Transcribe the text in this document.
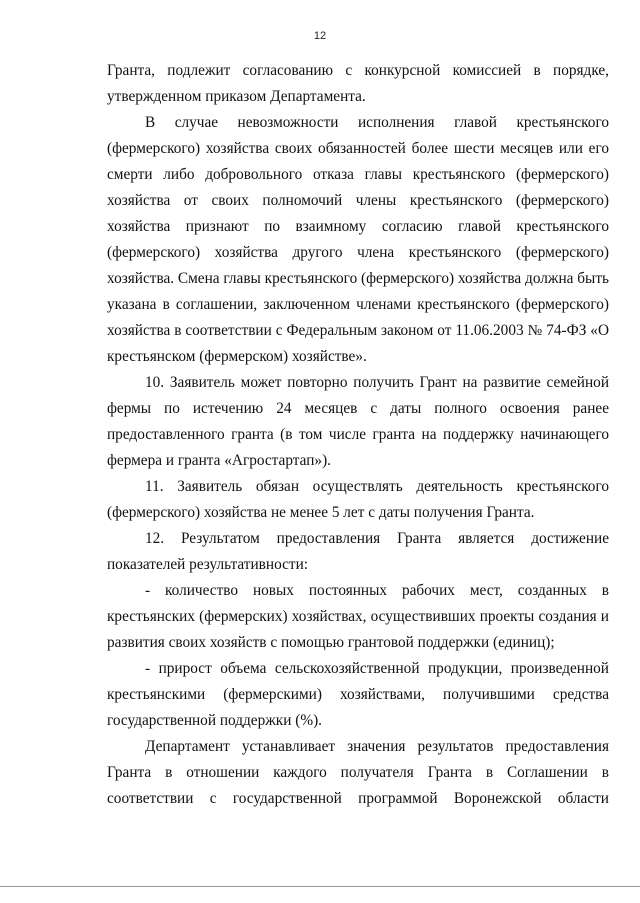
12
Гранта, подлежит согласованию с конкурсной комиссией в порядке,
утвержденном приказом Департамента.
В случае невозможности исполнения главой крестьянского
(фермерского) хозяйства своих обязанностей более шести месяцев или его
смерти либо добровольного отказа главы крестьянского (фермерского)
хозяйства от своих полномочий члены крестьянского (фермерского)
хозяйства признают по взаимному согласию главой крестьянского
(фермерского) хозяйства другого члена крестьянского (фермерского)
хозяйства. Смена главы крестьянского (фермерского) хозяйства должна быть
указана в соглашении, заключенном членами крестьянского (фермерского)
хозяйства в соответствии с Федеральным законом от 11.06.2003 № 74-ФЗ «О
крестьянском (фермерском) хозяйстве».
10. Заявитель может повторно получить Грант на развитие семейной
фермы по истечению 24 месяцев с даты полного освоения ранее
предоставленного гранта (в том числе гранта на поддержку начинающего
фермера и гранта «Агростартап»).
11. Заявитель обязан осуществлять деятельность крестьянского
(фермерского) хозяйства не менее 5 лет с даты получения Гранта.
12. Результатом предоставления Гранта является достижение
показателей результативности:
- количество новых постоянных рабочих мест, созданных в
крестьянских (фермерских) хозяйствах, осуществивших проекты создания и
развития своих хозяйств с помощью грантовой поддержки (единиц);
- прирост объема сельскохозяйственной продукции, произведенной
крестьянскими (фермерскими) хозяйствами, получившими средства
государственной поддержки (%).
Департамент устанавливает значения результатов предоставления
Гранта в отношении каждого получателя Гранта в Соглашении в
соответствии с государственной программой Воронежской области
